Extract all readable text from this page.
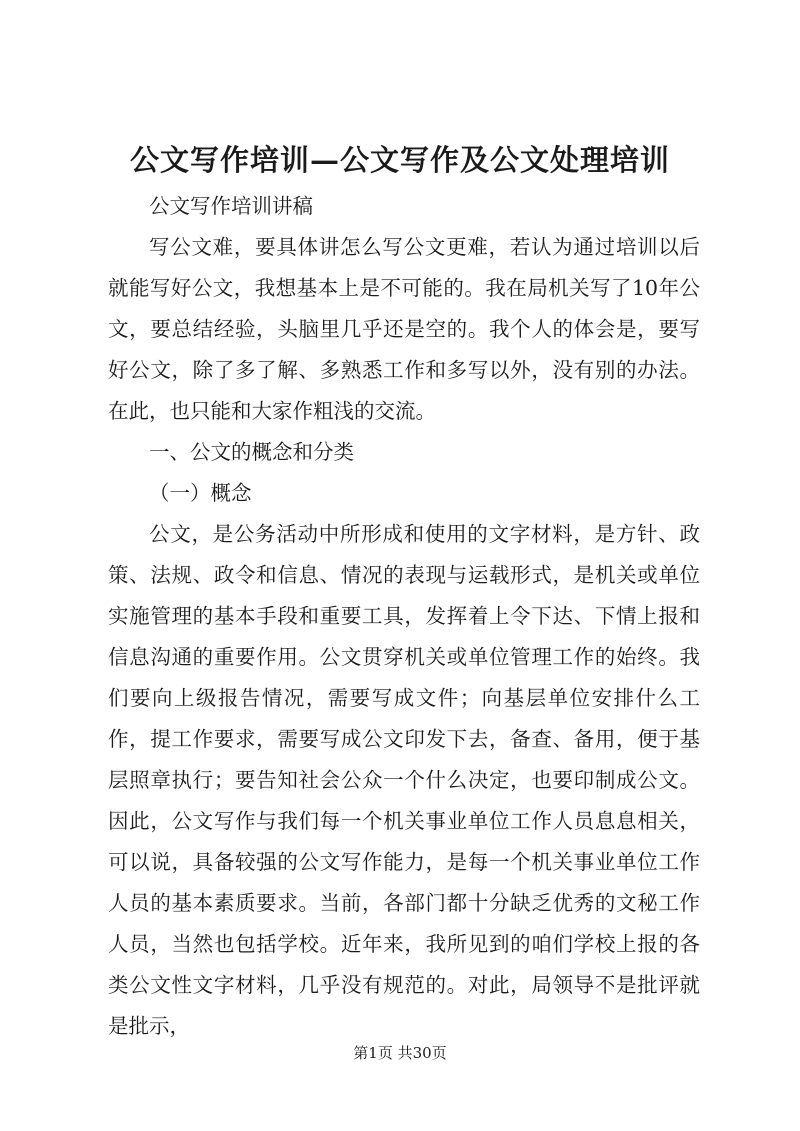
公文写作培训—公文写作及公文处理培训

公文写作培训讲稿

写公文难，要具体讲怎么写公文更难，若认为通过培训以后就能写好公文，我想基本上是不可能的。我在局机关写了10年公文，要总结经验，头脑里几乎还是空的。我个人的体会是，要写好公文，除了多了解、多熟悉工作和多写以外，没有别的办法。在此，也只能和大家作粗浅的交流。

一、公文的概念和分类

（一）概念

公文，是公务活动中所形成和使用的文字材料，是方针、政策、法规、政令和信息、情况的表现与运载形式，是机关或单位实施管理的基本手段和重要工具，发挥着上令下达、下情上报和信息沟通的重要作用。公文贯穿机关或单位管理工作的始终。我们要向上级报告情况，需要写成文件；向基层单位安排什么工作，提工作要求，需要写成公文印发下去，备查、备用，便于基层照章执行；要告知社会公众一个什么决定，也要印制成公文。因此，公文写作与我们每一个机关事业单位工作人员息息相关，可以说，具备较强的公文写作能力，是每一个机关事业单位工作人员的基本素质要求。当前，各部门都十分缺乏优秀的文秘工作人员，当然也包括学校。近年来，我所见到的咱们学校上报的各类公文性文字材料，几乎没有规范的。对此，局领导不是批评就是批示，

第1页 共30页
